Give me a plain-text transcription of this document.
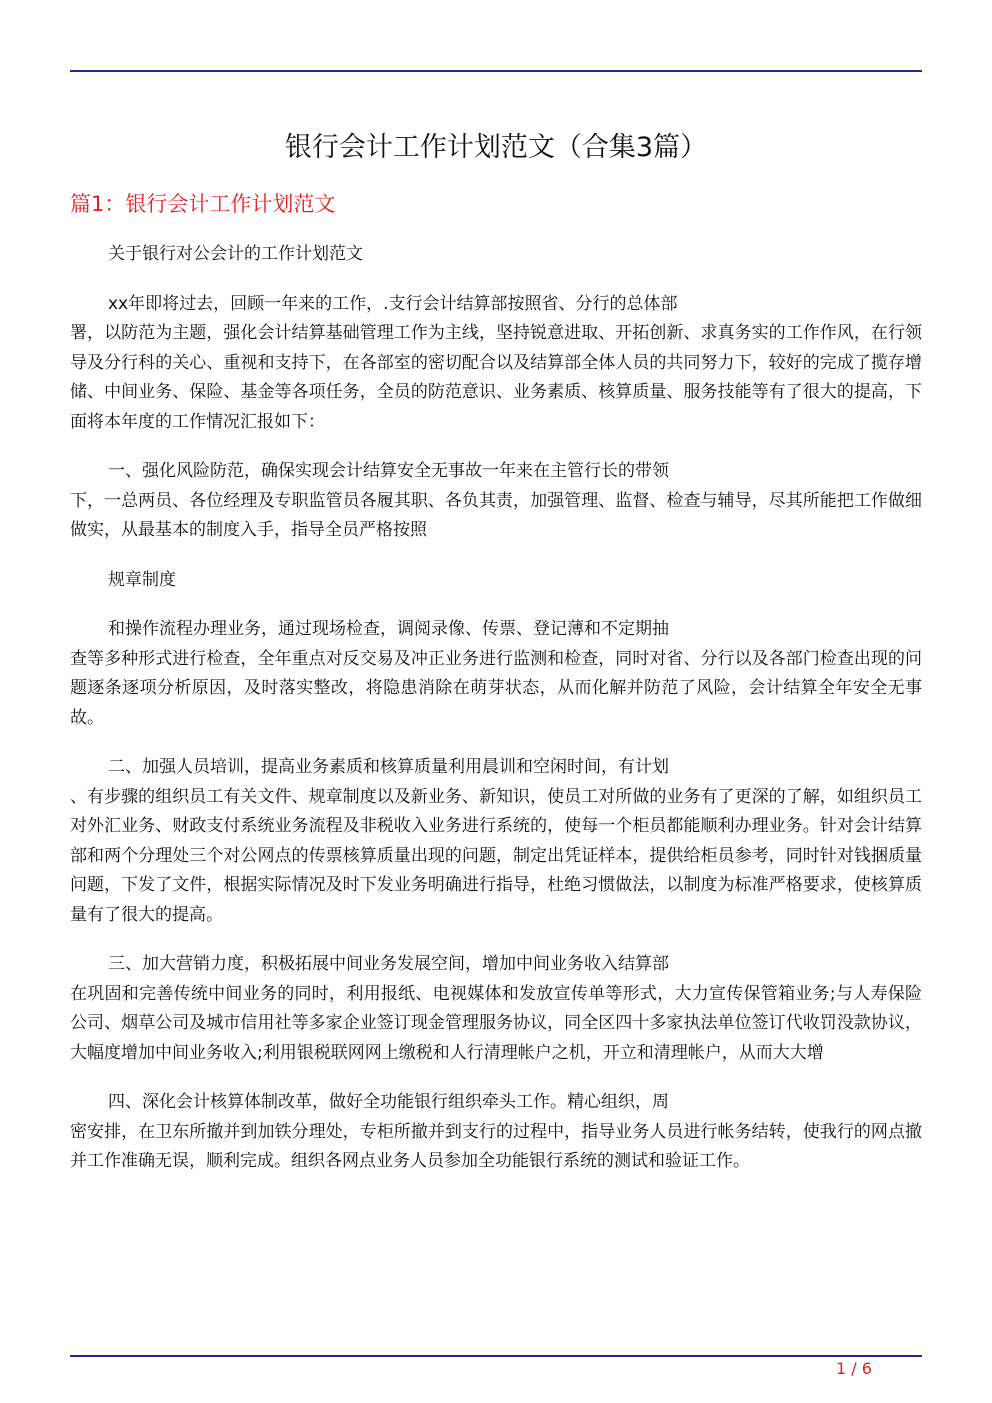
银行会计工作计划范文（合集3篇）
篇1：银行会计工作计划范文

关于银行对公会计的工作计划范文

xx年即将过去，回顾一年来的工作，.支行会计结算部按照省、分行的总体部
署，以防范为主题，强化会计结算基础管理工作为主线，坚持锐意进取、开拓创新、求真务实的工作作风，在行领导及分行科的关心、重视和支持下，在各部室的密切配合以及结算部全体人员的共同努力下，较好的完成了揽存增储、中间业务、保险、基金等各项任务，全员的防范意识、业务素质、核算质量、服务技能等有了很大的提高，下面将本年度的工作情况汇报如下：

一、强化风险防范，确保实现会计结算安全无事故一年来在主管行长的带领
下，一总两员、各位经理及专职监管员各履其职、各负其责，加强管理、监督、检查与辅导，尽其所能把工作做细做实，从最基本的制度入手，指导全员严格按照

规章制度

和操作流程办理业务，通过现场检查，调阅录像、传票、登记薄和不定期抽
查等多种形式进行检查，全年重点对反交易及冲正业务进行监测和检查，同时对省、分行以及各部门检查出现的问题逐条逐项分析原因，及时落实整改，将隐患消除在萌芽状态，从而化解并防范了风险，会计结算全年安全无事故。

二、加强人员培训，提高业务素质和核算质量利用晨训和空闲时间，有计划
、有步骤的组织员工有关文件、规章制度以及新业务、新知识，使员工对所做的业务有了更深的了解，如组织员工对外汇业务、财政支付系统业务流程及非税收入业务进行系统的，使每一个柜员都能顺利办理业务。针对会计结算部和两个分理处三个对公网点的传票核算质量出现的问题，制定出凭证样本，提供给柜员参考，同时针对钱捆质量问题，下发了文件，根据实际情况及时下发业务明确进行指导，杜绝习惯做法，以制度为标准严格要求，使核算质量有了很大的提高。

三、加大营销力度，积极拓展中间业务发展空间，增加中间业务收入结算部
在巩固和完善传统中间业务的同时，利用报纸、电视媒体和发放宣传单等形式，大力宣传保管箱业务;与人寿保险公司、烟草公司及城市信用社等多家企业签订现金管理服务协议，同全区四十多家执法单位签订代收罚没款协议，大幅度增加中间业务收入;利用银税联网网上缴税和人行清理帐户之机，开立和清理帐户，从而大大增

四、深化会计核算体制改革，做好全功能银行组织牵头工作。精心组织，周
密安排，在卫东所撤并到加铁分理处，专柜所撤并到支行的过程中，指导业务人员进行帐务结转，使我行的网点撤并工作准确无误，顺利完成。组织各网点业务人员参加全功能银行系统的测试和验证工作。

1 / 6
